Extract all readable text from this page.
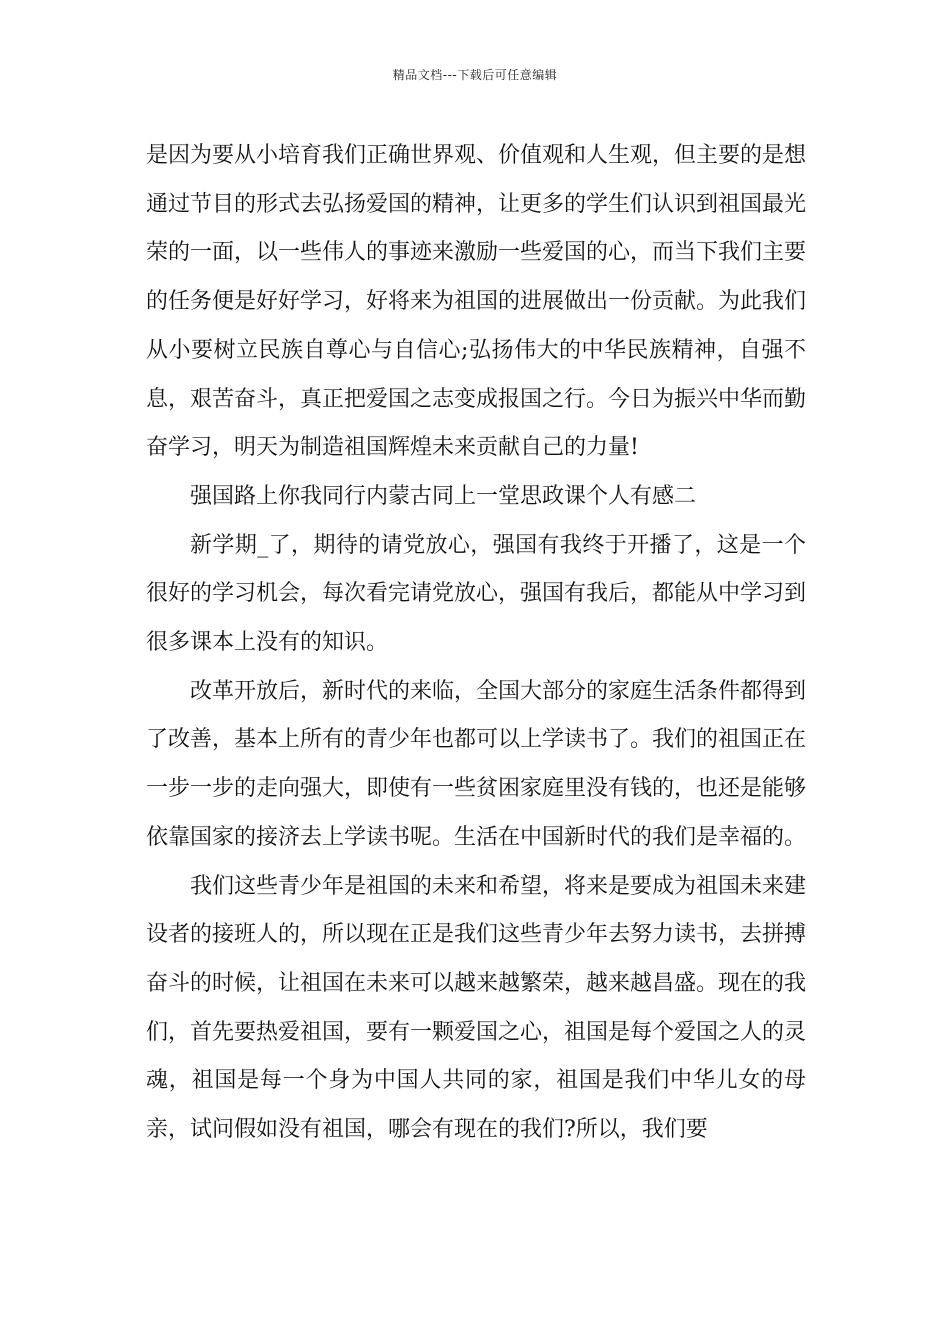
精品文档---下载后可任意编辑

是因为要从小培育我们正确世界观、价值观和人生观，但主要的是想通过节目的形式去弘扬爱国的精神，让更多的学生们认识到祖国最光荣的一面，以一些伟人的事迹来激励一些爱国的心，而当下我们主要的任务便是好好学习，好将来为祖国的进展做出一份贡献。为此我们从小要树立民族自尊心与自信心;弘扬伟大的中华民族精神，自强不息，艰苦奋斗，真正把爱国之志变成报国之行。今日为振兴中华而勤奋学习，明天为制造祖国辉煌未来贡献自己的力量!

强国路上你我同行内蒙古同上一堂思政课个人有感二

新学期_了，期待的请党放心，强国有我终于开播了，这是一个很好的学习机会，每次看完请党放心，强国有我后，都能从中学习到很多课本上没有的知识。

改革开放后，新时代的来临，全国大部分的家庭生活条件都得到了改善，基本上所有的青少年也都可以上学读书了。我们的祖国正在一步一步的走向强大，即使有一些贫困家庭里没有钱的，也还是能够依靠国家的接济去上学读书呢。生活在中国新时代的我们是幸福的。

我们这些青少年是祖国的未来和希望，将来是要成为祖国未来建设者的接班人的，所以现在正是我们这些青少年去努力读书，去拼搏奋斗的时候，让祖国在未来可以越来越繁荣，越来越昌盛。现在的我们，首先要热爱祖国，要有一颗爱国之心，祖国是每个爱国之人的灵魂，祖国是每一个身为中国人共同的家，祖国是我们中华儿女的母亲，试问假如没有祖国，哪会有现在的我们?所以，我们要
